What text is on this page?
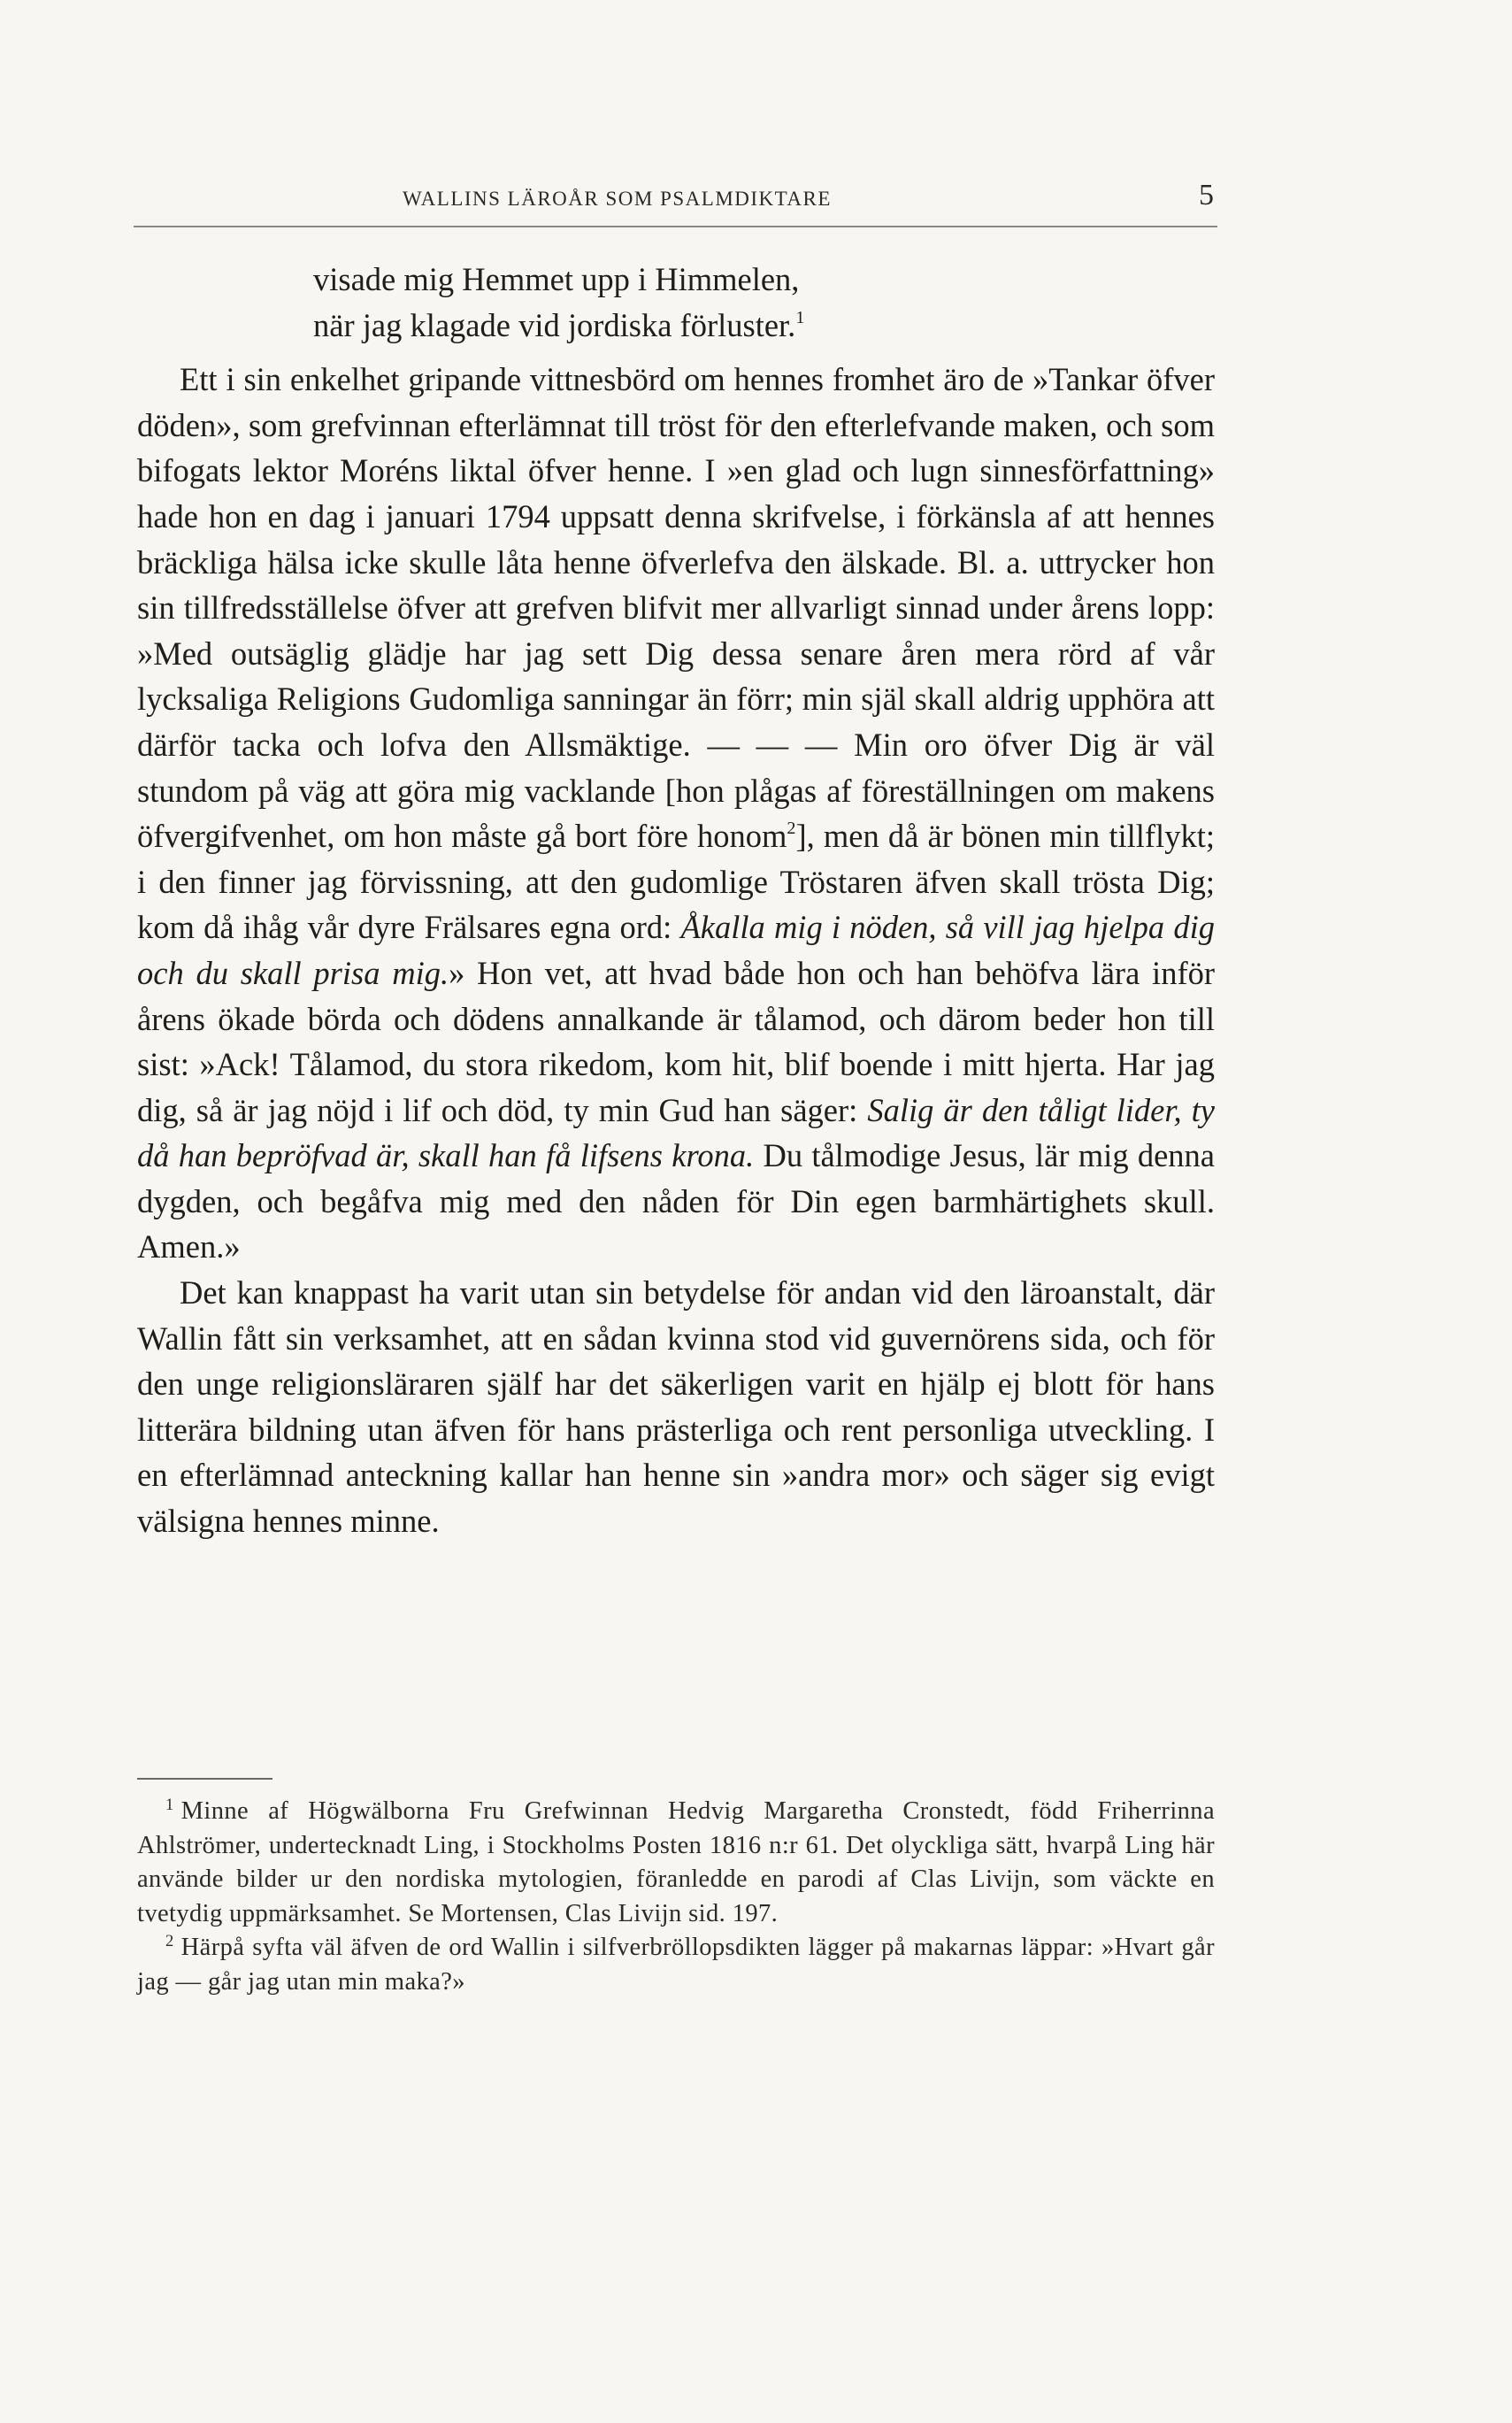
WALLINS LÄROÅR SOM PSALMDIKTARE	5
visade mig Hemmet upp i Himmelen,
när jag klagade vid jordiska förluster.$^1$

Ett i sin enkelhet gripande vittnesbörd om hennes fromhet äro de »Tankar öfver döden», som grefvinnan efterlämnat till tröst för den efterlefvande maken, och som bifogats lektor Moréns liktal öfver henne. I »en glad och lugn sinnesförfattning» hade hon en dag i januari 1794 uppsatt denna skrifvelse, i förkänsla af att hennes bräckliga hälsa icke skulle låta henne öfverlefva den älskade. Bl. a. uttrycker hon sin tillfredsställelse öfver att grefven blifvit mer allvarligt sinnad under årens lopp: »Med outsäglig glädje har jag sett Dig dessa senare åren mera rörd af vår lycksaliga Religions Gudomliga sanningar än förr; min själ skall aldrig upphöra att därför tacka och lofva den Allsmäktige. — — — Min oro öfver Dig är väl stundom på väg att göra mig vacklande [hon plågas af föreställningen om makens öfvergifvenhet, om hon måste gå bort före honom$^2$], men då är bönen min tillflykt; i den finner jag förvissning, att den gudomlige Tröstaren äfven skall trösta Dig; kom då ihåg vår dyre Frälsares egna ord: Åkalla mig i nöden, så vill jag hjelpa dig och du skall prisa mig.» Hon vet, att hvad både hon och han behöfva lära inför årens ökade börda och dödens annalkande är tålamod, och därom beder hon till sist: »Ack! Tålamod, du stora rikedom, kom hit, blif boende i mitt hjerta. Har jag dig, så är jag nöjd i lif och död, ty min Gud han säger: Salig är den tåligt lider, ty då han bepröfvad är, skall han få lifsens krona. Du tålmodige Jesus, lär mig denna dygden, och begåfva mig med den nåden för Din egen barmhärtighets skull. Amen.»

Det kan knappast ha varit utan sin betydelse för andan vid den läroanstalt, där Wallin fått sin verksamhet, att en sådan kvinna stod vid guvernörens sida, och för den unge religionsläraren själf har det säkerligen varit en hjälp ej blott för hans litterära bildning utan äfven för hans prästerliga och rent personliga utveckling. I en efterlämnad anteckning kallar han henne sin »andra mor» och säger sig evigt välsigna hennes minne.

$^1$ Minne af Högwälborna Fru Grefwinnan Hedvig Margaretha Cronstedt, född Friherrinna Ahlströmer, undertecknadt Ling, i Stockholms Posten 1816 n:r 61. Det olyckliga sätt, hvarpå Ling här använde bilder ur den nordiska mytologien, föranledde en parodi af Clas Livijn, som väckte en tvetydig uppmärksamhet. Se Mortensen, Clas Livijn sid. 197.

$^2$ Härpå syfta väl äfven de ord Wallin i silfverbröllopsdikten lägger på makarnas läppar: »Hvart går jag — går jag utan min maka?»
